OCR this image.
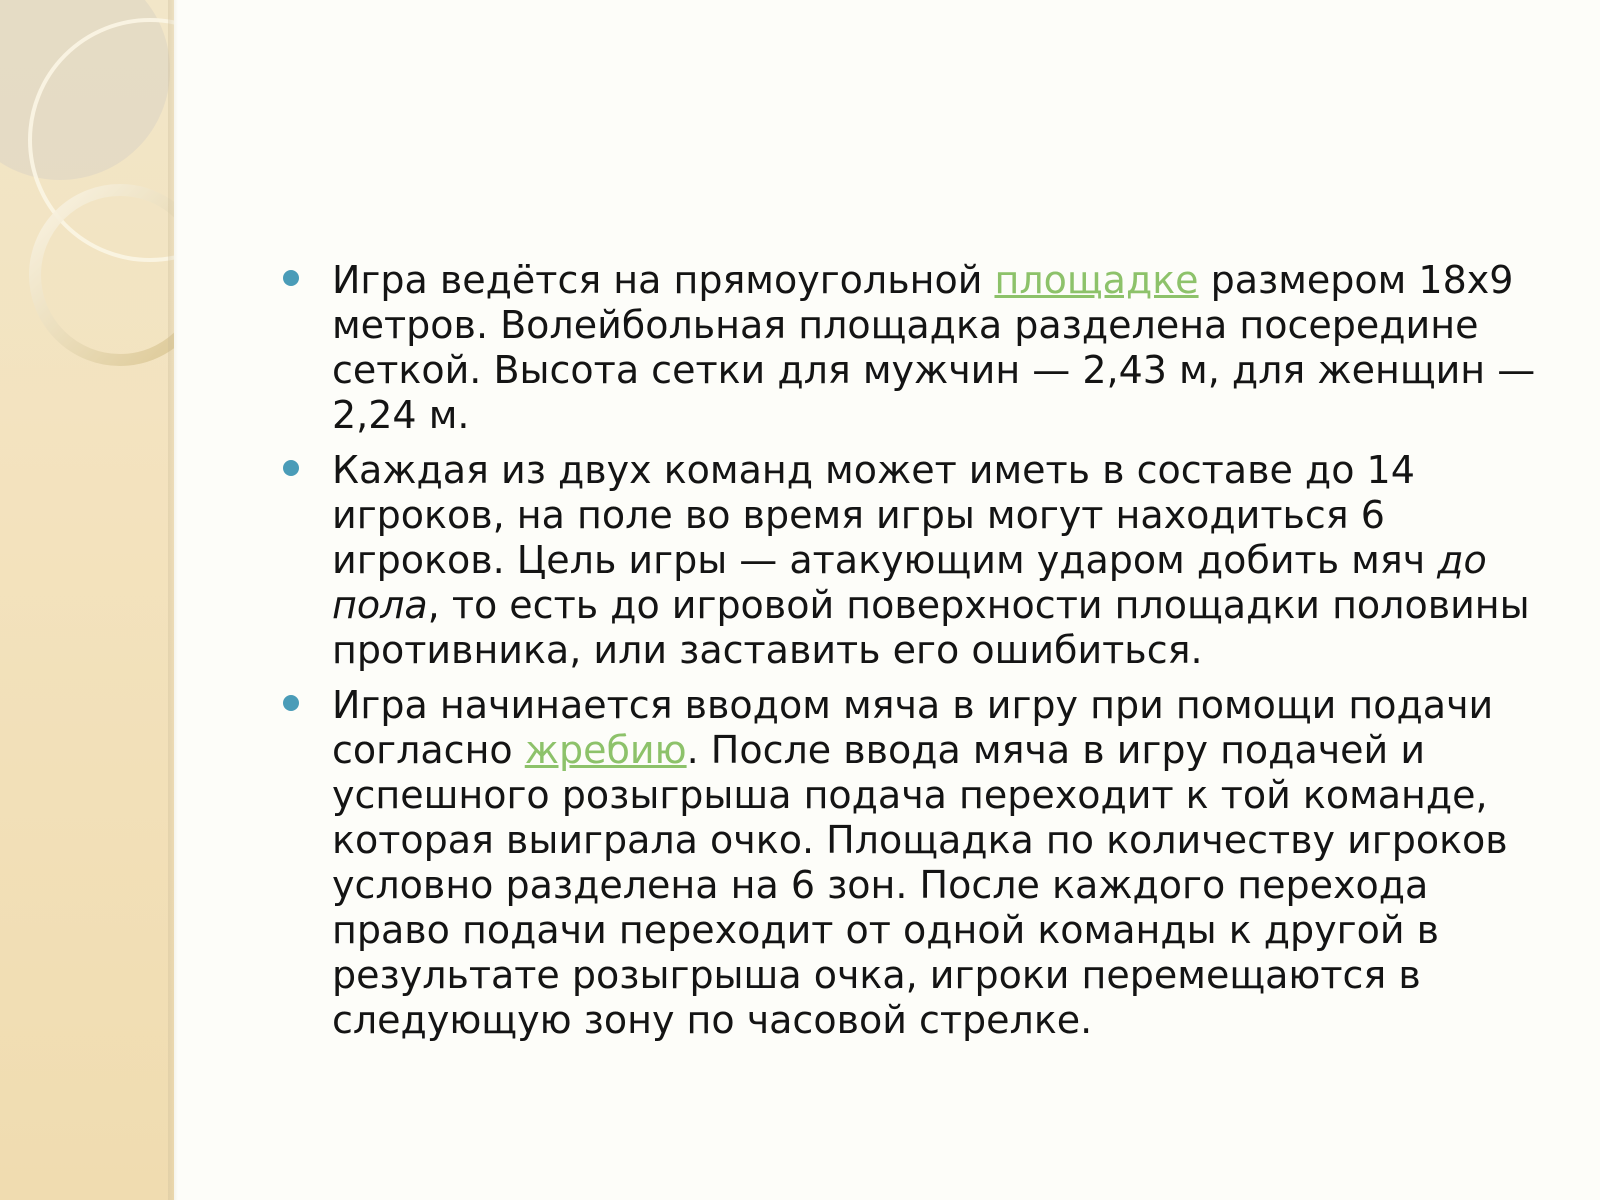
Игра ведётся на прямоугольной площадке размером 18х9 метров. Волейбольная площадка разделена посередине сеткой. Высота сетки для мужчин — 2,43 м, для женщин — 2,24 м.
Каждая из двух команд может иметь в составе до 14 игроков, на поле во время игры могут находиться 6 игроков. Цель игры — атакующим ударом добить мяч до пола, то есть до игровой поверхности площадки половины противника, или заставить его ошибиться.
Игра начинается вводом мяча в игру при помощи подачи согласно жребию. После ввода мяча в игру подачей и успешного розыгрыша подача переходит к той команде, которая выиграла очко. Площадка по количеству игроков условно разделена на 6 зон. После каждого перехода право подачи переходит от одной команды к другой в результате розыгрыша очка, игроки перемещаются в следующую зону по часовой стрелке.
